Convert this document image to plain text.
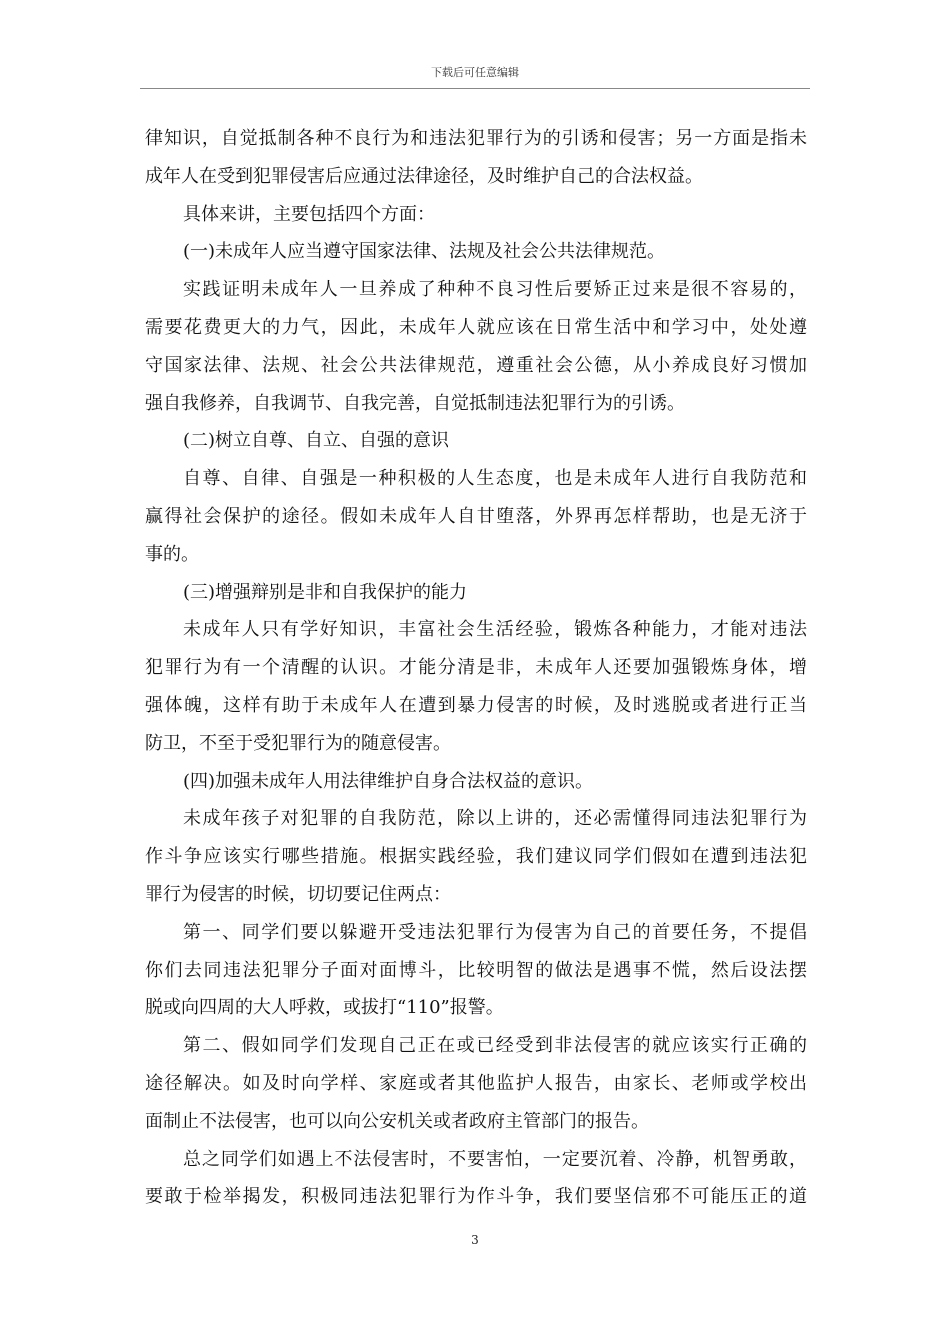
下载后可任意编辑
律知识，自觉抵制各种不良行为和违法犯罪行为的引诱和侵害；另一方面是指未
成年人在受到犯罪侵害后应通过法律途径，及时维护自己的合法权益。
具体来讲，主要包括四个方面：
(一)未成年人应当遵守国家法律、法规及社会公共法律规范。
实践证明未成年人一旦养成了种种不良习性后要矫正过来是很不容易的，
需要花费更大的力气，因此，未成年人就应该在日常生活中和学习中，处处遵
守国家法律、法规、社会公共法律规范，遵重社会公德，从小养成良好习惯加
强自我修养，自我调节、自我完善，自觉抵制违法犯罪行为的引诱。
(二)树立自尊、自立、自强的意识
自尊、自律、自强是一种积极的人生态度，也是未成年人进行自我防范和
赢得社会保护的途径。假如未成年人自甘堕落，外界再怎样帮助，也是无济于
事的。
(三)增强辩别是非和自我保护的能力
未成年人只有学好知识，丰富社会生活经验，锻炼各种能力，才能对违法
犯罪行为有一个清醒的认识。才能分清是非，未成年人还要加强锻炼身体，增
强体魄，这样有助于未成年人在遭到暴力侵害的时候，及时逃脱或者进行正当
防卫，不至于受犯罪行为的随意侵害。
(四)加强未成年人用法律维护自身合法权益的意识。
未成年孩子对犯罪的自我防范，除以上讲的，还必需懂得同违法犯罪行为
作斗争应该实行哪些措施。根据实践经验，我们建议同学们假如在遭到违法犯
罪行为侵害的时候，切切要记住两点：
第一、同学们要以躲避开受违法犯罪行为侵害为自己的首要任务，不提倡
你们去同违法犯罪分子面对面博斗，比较明智的做法是遇事不慌，然后设法摆
脱或向四周的大人呼救，或拔打“110”报警。
第二、假如同学们发现自己正在或已经受到非法侵害的就应该实行正确的
途径解决。如及时向学样、家庭或者其他监护人报告，由家长、老师或学校出
面制止不法侵害，也可以向公安机关或者政府主管部门的报告。
总之同学们如遇上不法侵害时，不要害怕，一定要沉着、冷静，机智勇敢，
要敢于检举揭发，积极同违法犯罪行为作斗争，我们要坚信邪不可能压正的道
3
